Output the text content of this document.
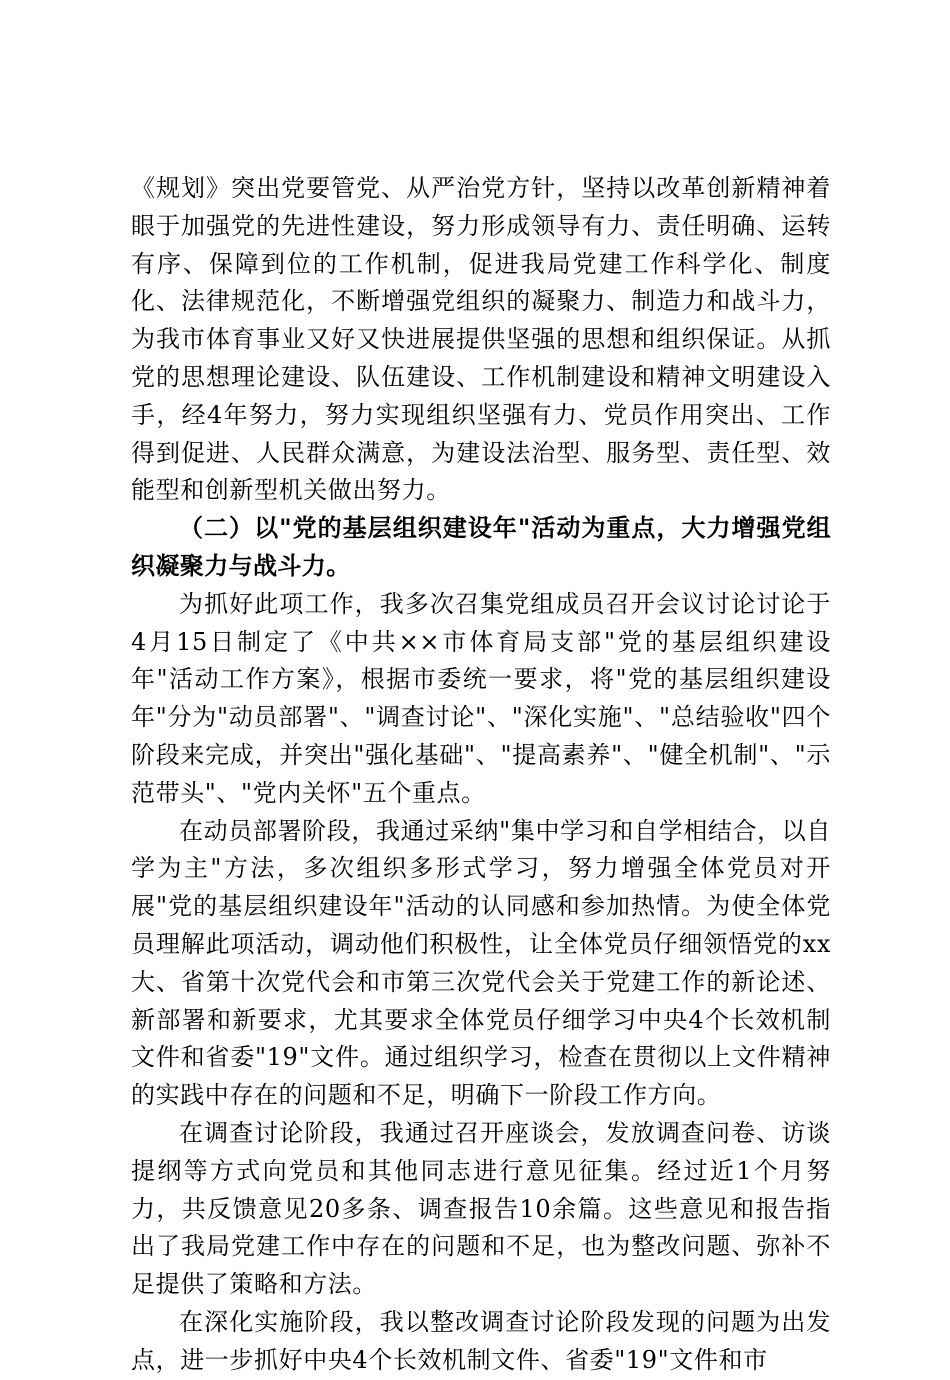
《规划》突出党要管党、从严治党方针，坚持以改革创新精神着眼于加强党的先进性建设，努力形成领导有力、责任明确、运转有序、保障到位的工作机制，促进我局党建工作科学化、制度化、法律规范化，不断增强党组织的凝聚力、制造力和战斗力，为我市体育事业又好又快进展提供坚强的思想和组织保证。从抓党的思想理论建设、队伍建设、工作机制建设和精神文明建设入手，经4年努力，努力实现组织坚强有力、党员作用突出、工作得到促进、人民群众满意，为建设法治型、服务型、责任型、效能型和创新型机关做出努力。

（二）以"党的基层组织建设年"活动为重点，大力增强党组织凝聚力与战斗力。

为抓好此项工作，我多次召集党组成员召开会议讨论讨论于4月15日制定了《中共××市体育局支部"党的基层组织建设年"活动工作方案》，根据市委统一要求，将"党的基层组织建设年"分为"动员部署"、"调查讨论"、"深化实施"、"总结验收"四个阶段来完成，并突出"强化基础"、"提高素养"、"健全机制"、"示范带头"、"党内关怀"五个重点。

在动员部署阶段，我通过采纳"集中学习和自学相结合，以自学为主"方法，多次组织多形式学习，努力增强全体党员对开展"党的基层组织建设年"活动的认同感和参加热情。为使全体党员理解此项活动，调动他们积极性，让全体党员仔细领悟党的xx大、省第十次党代会和市第三次党代会关于党建工作的新论述、新部署和新要求，尤其要求全体党员仔细学习中央4个长效机制文件和省委"19"文件。通过组织学习，检查在贯彻以上文件精神的实践中存在的问题和不足，明确下一阶段工作方向。

在调查讨论阶段，我通过召开座谈会，发放调查问卷、访谈提纲等方式向党员和其他同志进行意见征集。经过近1个月努力，共反馈意见20多条、调查报告10余篇。这些意见和报告指出了我局党建工作中存在的问题和不足，也为整改问题、弥补不足提供了策略和方法。

在深化实施阶段，我以整改调查讨论阶段发现的问题为出发点，进一步抓好中央4个长效机制文件、省委"19"文件和市
